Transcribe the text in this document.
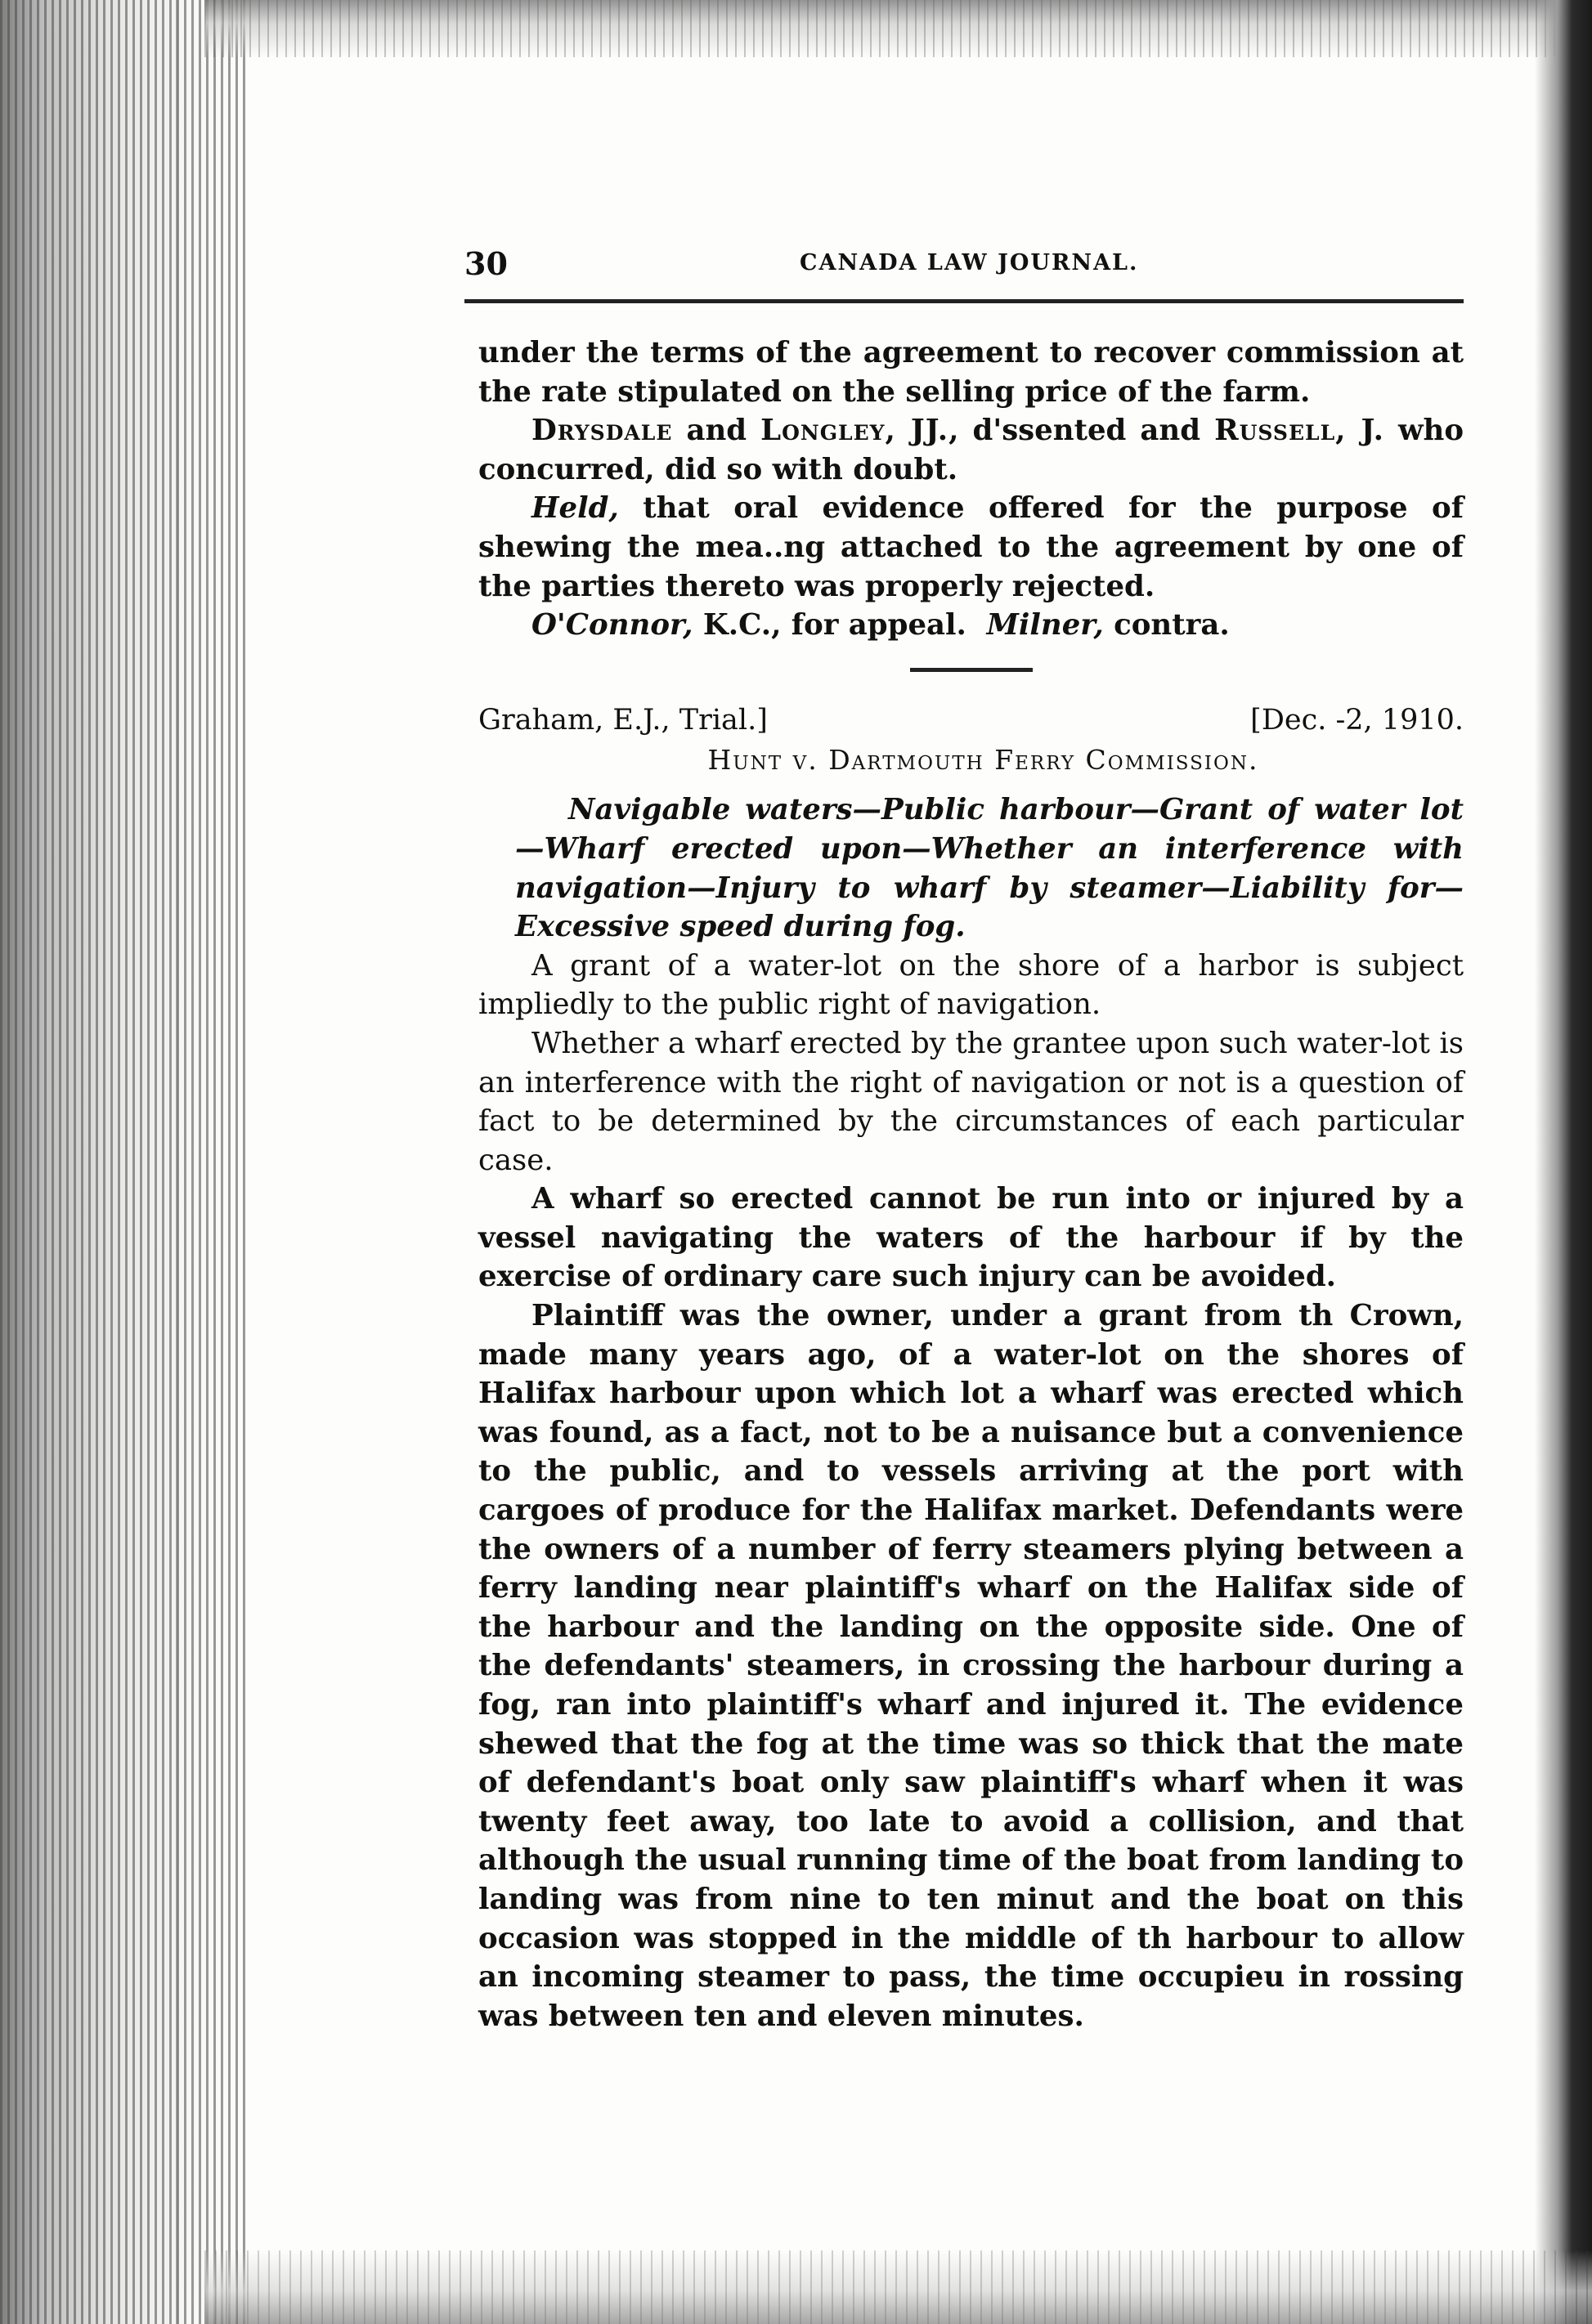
30	CANADA LAW JOURNAL.

under the terms of the agreement to recover commission at the rate stipulated on the selling price of the farm.

Drysdale and Longley, JJ., d'ssented and Russell, J. who concurred, did so with doubt.

Held, that oral evidence offered for the purpose of shewing the mea..ng attached to the agreement by one of the parties thereto was properly rejected.

O'Connor, K.C., for appeal. Milner, contra.

Graham, E.J., Trial.]	[Dec. -2, 1910.
Hunt v. Dartmouth Ferry Commission.

Navigable waters—Public harbour—Grant of water lot—Wharf erected upon—Whether an interference with navigation—Injury to wharf by steamer—Liability for—Excessive speed during fog.

A grant of a water-lot on the shore of a harbor is subject impliedly to the public right of navigation.

Whether a wharf erected by the grantee upon such water-lot is an interference with the right of navigation or not is a question of fact to be determined by the circumstances of each particular case.

A wharf so erected cannot be run into or injured by a vessel navigating the waters of the harbour if by the exercise of ordinary care such injury can be avoided.

Plaintiff was the owner, under a grant from th Crown, made many years ago, of a water-lot on the shores of Halifax harbour upon which lot a wharf was erected which was found, as a fact, not to be a nuisance but a convenience to the public, and to vessels arriving at the port with cargoes of produce for the Halifax market. Defendants were the owners of a number of ferry steamers plying between a ferry landing near plaintiff's wharf on the Halifax side of the harbour and the landing on the opposite side. One of the defendants' steamers, in crossing the harbour during a fog, ran into plaintiff's wharf and injured it. The evidence shewed that the fog at the time was so thick that the mate of defendant's boat only saw plaintiff's wharf when it was twenty feet away, too late to avoid a collision, and that although the usual running time of the boat from landing to landing was from nine to ten minut and the boat on this occasion was stopped in the middle of th harbour to allow an incoming steamer to pass, the time occupieu in rossing was between ten and eleven minutes.
